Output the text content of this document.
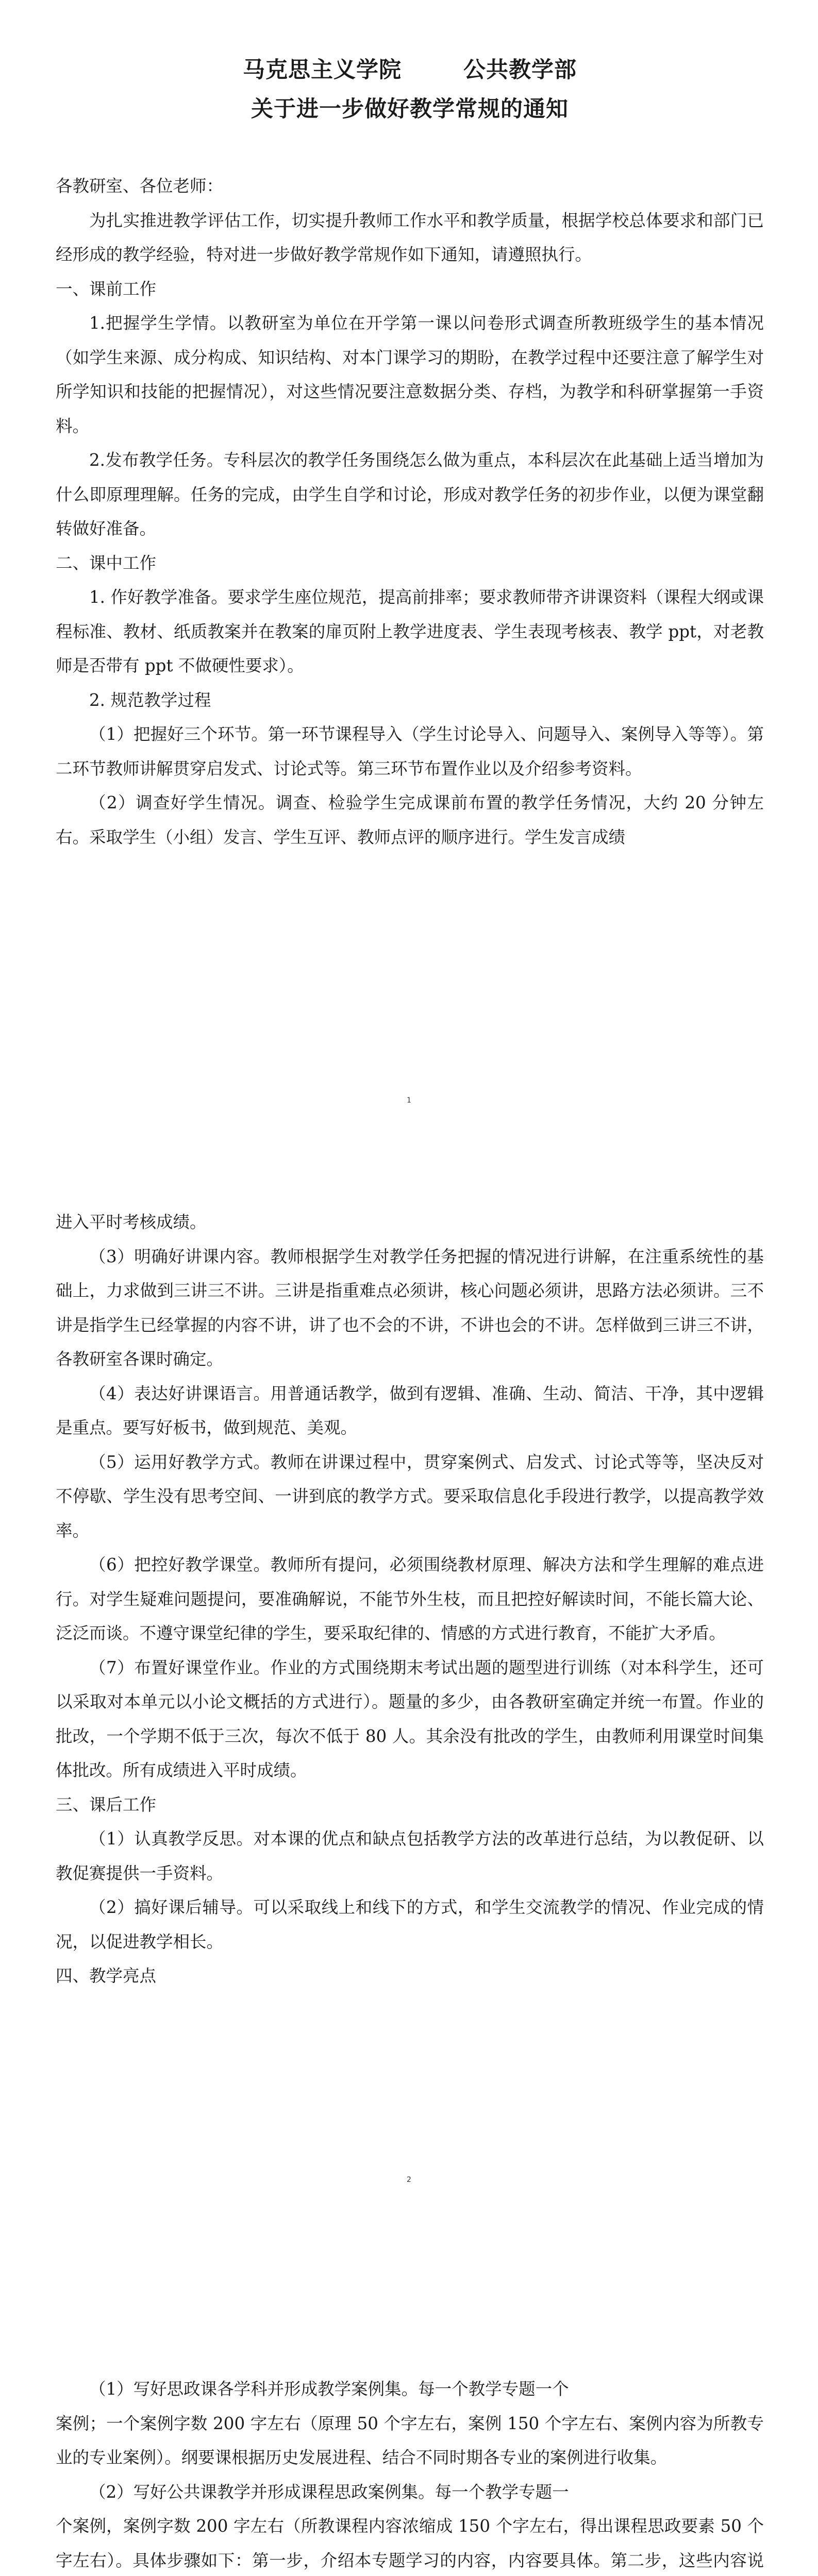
马克思主义学院	公共教学部
关于进一步做好教学常规的通知

各教研室、各位老师：

为扎实推进教学评估工作，切实提升教师工作水平和教学质量，根据学校总体要求和部门已经形成的教学经验，特对进一步做好教学常规作如下通知，请遵照执行。

一、课前工作

1.把握学生学情。以教研室为单位在开学第一课以问卷形式调查所教班级学生的基本情况（如学生来源、成分构成、知识结构、对本门课学习的期盼，在教学过程中还要注意了解学生对所学知识和技能的把握情况），对这些情况要注意数据分类、存档，为教学和科研掌握第一手资料。

2.发布教学任务。专科层次的教学任务围绕怎么做为重点，本科层次在此基础上适当增加为什么即原理理解。任务的完成，由学生自学和讨论，形成对教学任务的初步作业，以便为课堂翻转做好准备。

二、课中工作

1. 作好教学准备。要求学生座位规范，提高前排率；要求教师带齐讲课资料（课程大纲或课程标准、教材、纸质教案并在教案的扉页附上教学进度表、学生表现考核表、教学 ppt，对老教师是否带有 ppt 不做硬性要求）。

2. 规范教学过程

（1）把握好三个环节。第一环节课程导入（学生讨论导入、问题导入、案例导入等等）。第二环节教师讲解贯穿启发式、讨论式等。第三环节布置作业以及介绍参考资料。

（2）调查好学生情况。调查、检验学生完成课前布置的教学任务情况，大约 20 分钟左右。采取学生（小组）发言、学生互评、教师点评的顺序进行。学生发言成绩

1

进入平时考核成绩。

（3）明确好讲课内容。教师根据学生对教学任务把握的情况进行讲解，在注重系统性的基础上，力求做到三讲三不讲。三讲是指重难点必须讲，核心问题必须讲，思路方法必须讲。三不讲是指学生已经掌握的内容不讲，讲了也不会的不讲，不讲也会的不讲。怎样做到三讲三不讲，各教研室各课时确定。

（4）表达好讲课语言。用普通话教学，做到有逻辑、准确、生动、简洁、干净，其中逻辑是重点。要写好板书，做到规范、美观。

（5）运用好教学方式。教师在讲课过程中，贯穿案例式、启发式、讨论式等等，坚决反对不停歇、学生没有思考空间、一讲到底的教学方式。要采取信息化手段进行教学，以提高教学效率。

（6）把控好教学课堂。教师所有提问，必须围绕教材原理、解决方法和学生理解的难点进行。对学生疑难问题提问，要准确解说，不能节外生枝，而且把控好解读时间，不能长篇大论、泛泛而谈。不遵守课堂纪律的学生，要采取纪律的、情感的方式进行教育，不能扩大矛盾。

（7）布置好课堂作业。作业的方式围绕期末考试出题的题型进行训练（对本科学生，还可以采取对本单元以小论文概括的方式进行）。题量的多少，由各教研室确定并统一布置。作业的批改，一个学期不低于三次，每次不低于 80 人。其余没有批改的学生，由教师利用课堂时间集体批改。所有成绩进入平时成绩。

三、课后工作

（1）认真教学反思。对本课的优点和缺点包括教学方法的改革进行总结，为以教促研、以教促赛提供一手资料。

（2）搞好课后辅导。可以采取线上和线下的方式，和学生交流教学的情况、作业完成的情况，以促进教学相长。

四、教学亮点

2

（1）写好思政课各学科并形成教学案例集。每一个教学专题一个

案例；一个案例字数 200 字左右（原理 50 个字左右，案例 150 个字左右、案例内容为所教专业的专业案例）。纲要课根据历史发展进程、结合不同时期各专业的案例进行收集。

（2）写好公共课教学并形成课程思政案例集。每一个教学专题一

个案例，案例字数 200 字左右（所教课程内容浓缩成 150 个字左右，得出课程思政要素 50 个字左右）。具体步骤如下：第一步，介绍本专题学习的内容，内容要具体。第二步，这些内容说
